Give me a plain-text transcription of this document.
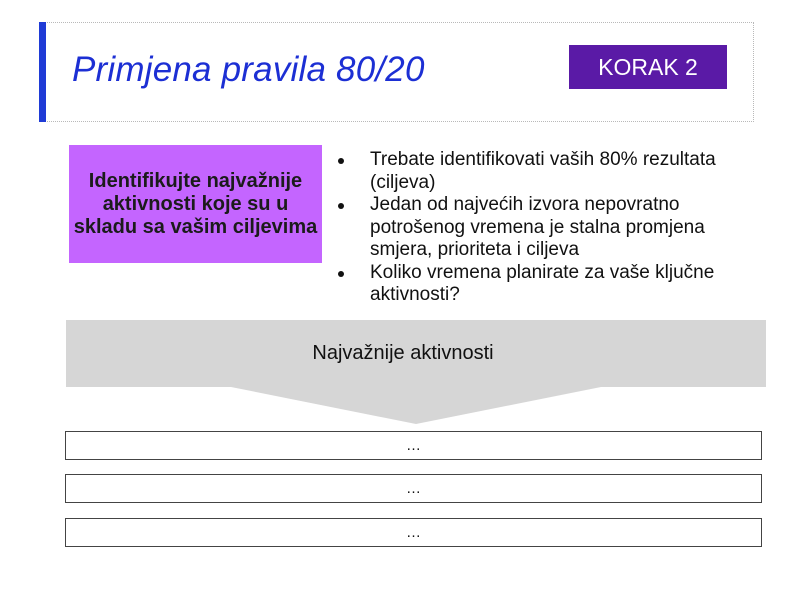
Primjena pravila 80/20	KORAK 2
Identifikujte najvažnije aktivnosti koje su u skladu sa vašim ciljevima
Trebate identifikovati vaših 80% rezultata (ciljeva)
Jedan od najvećih izvora nepovratno potrošenog vremena je stalna promjena smjera, prioriteta i ciljeva
Koliko vremena planirate za vaše ključne aktivnosti?
Najvažnije aktivnosti
…
…
…
